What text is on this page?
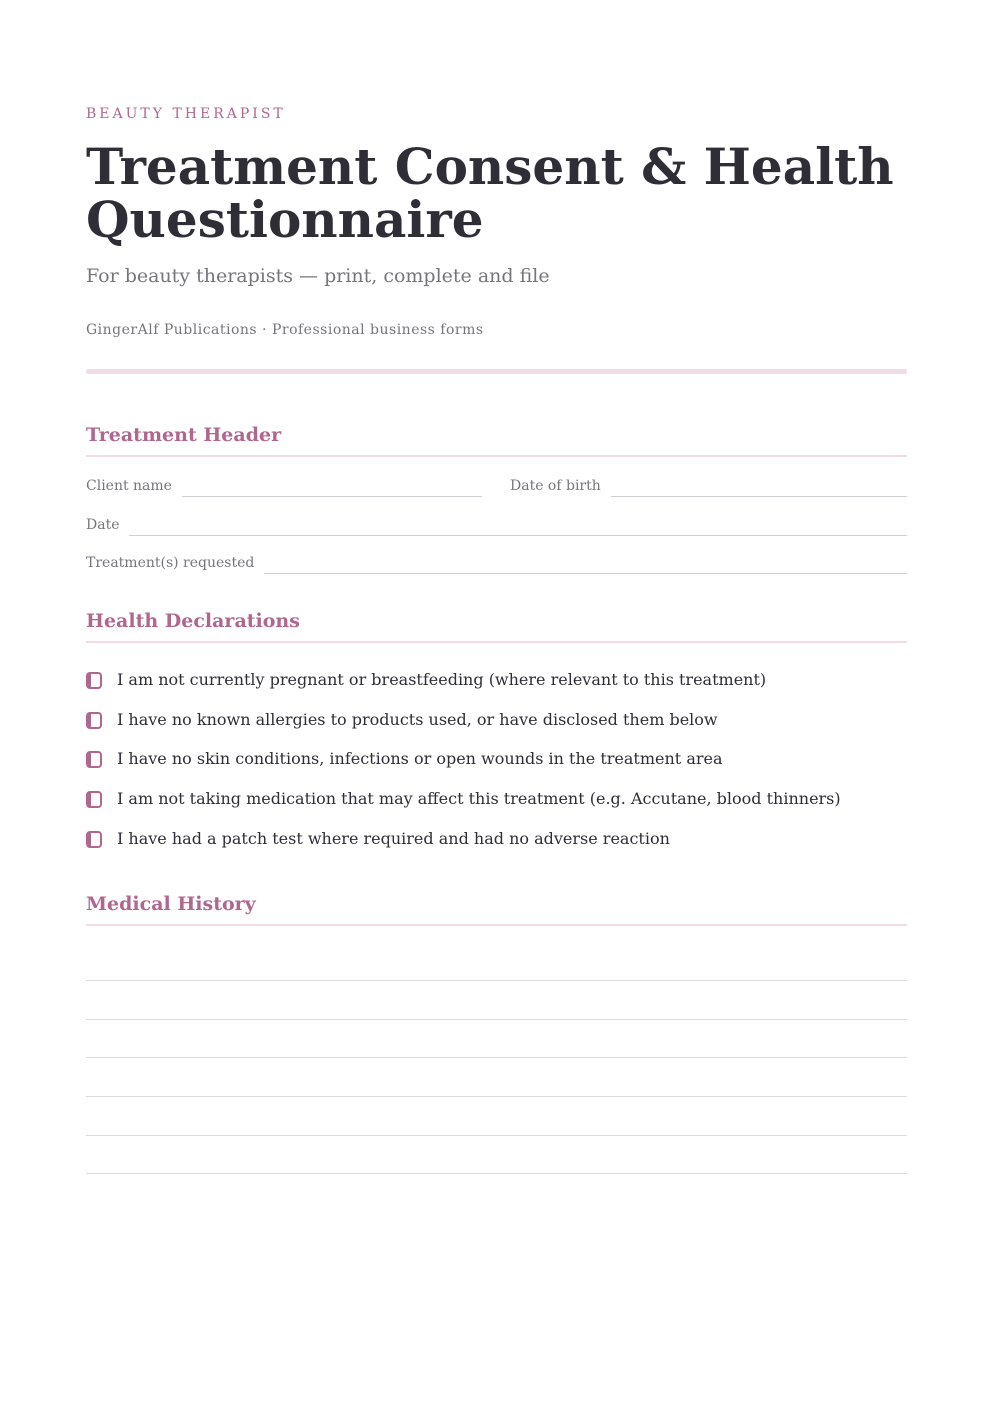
BEAUTY THERAPIST
Treatment Consent & Health Questionnaire
For beauty therapists — print, complete and file
GingerAlf Publications · Professional business forms
Treatment Header
Client name	Date of birth
Date
Treatment(s) requested
Health Declarations
I am not currently pregnant or breastfeeding (where relevant to this treatment)
I have no known allergies to products used, or have disclosed them below
I have no skin conditions, infections or open wounds in the treatment area
I am not taking medication that may affect this treatment (e.g. Accutane, blood thinners)
I have had a patch test where required and had no adverse reaction
Medical History
